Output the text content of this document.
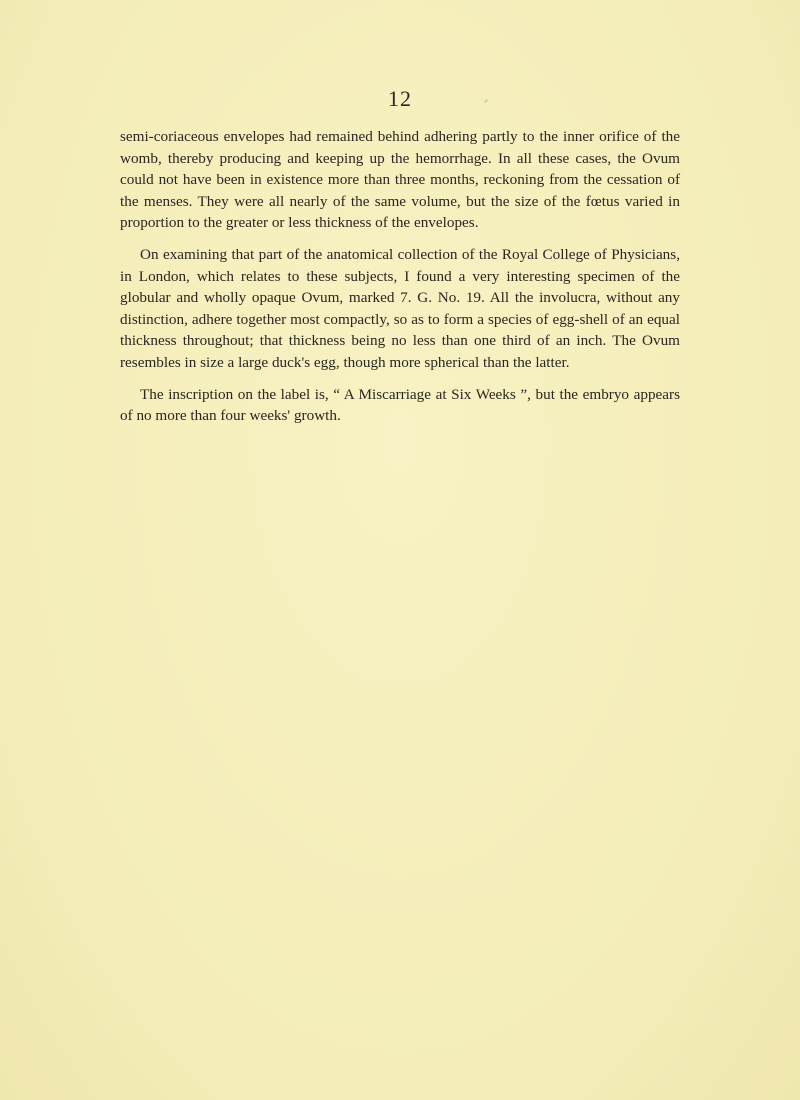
12

semi-coriaceous envelopes had remained behind adhering partly to the inner orifice of the womb, thereby producing and keeping up the hemorrhage. In all these cases, the Ovum could not have been in existence more than three months, reckoning from the cessation of the menses. They were all nearly of the same volume, but the size of the fœtus varied in proportion to the greater or less thickness of the envelopes.

On examining that part of the anatomical collection of the Royal College of Physicians, in London, which relates to these subjects, I found a very interesting specimen of the globular and wholly opaque Ovum, marked 7. G. No. 19. All the involucra, without any distinction, adhere together most compactly, so as to form a species of egg-shell of an equal thickness throughout; that thickness being no less than one third of an inch. The Ovum resembles in size a large duck's egg, though more spherical than the latter.

The inscription on the label is, “ A Miscarriage at Six Weeks ”, but the embryo appears of no more than four weeks' growth.
